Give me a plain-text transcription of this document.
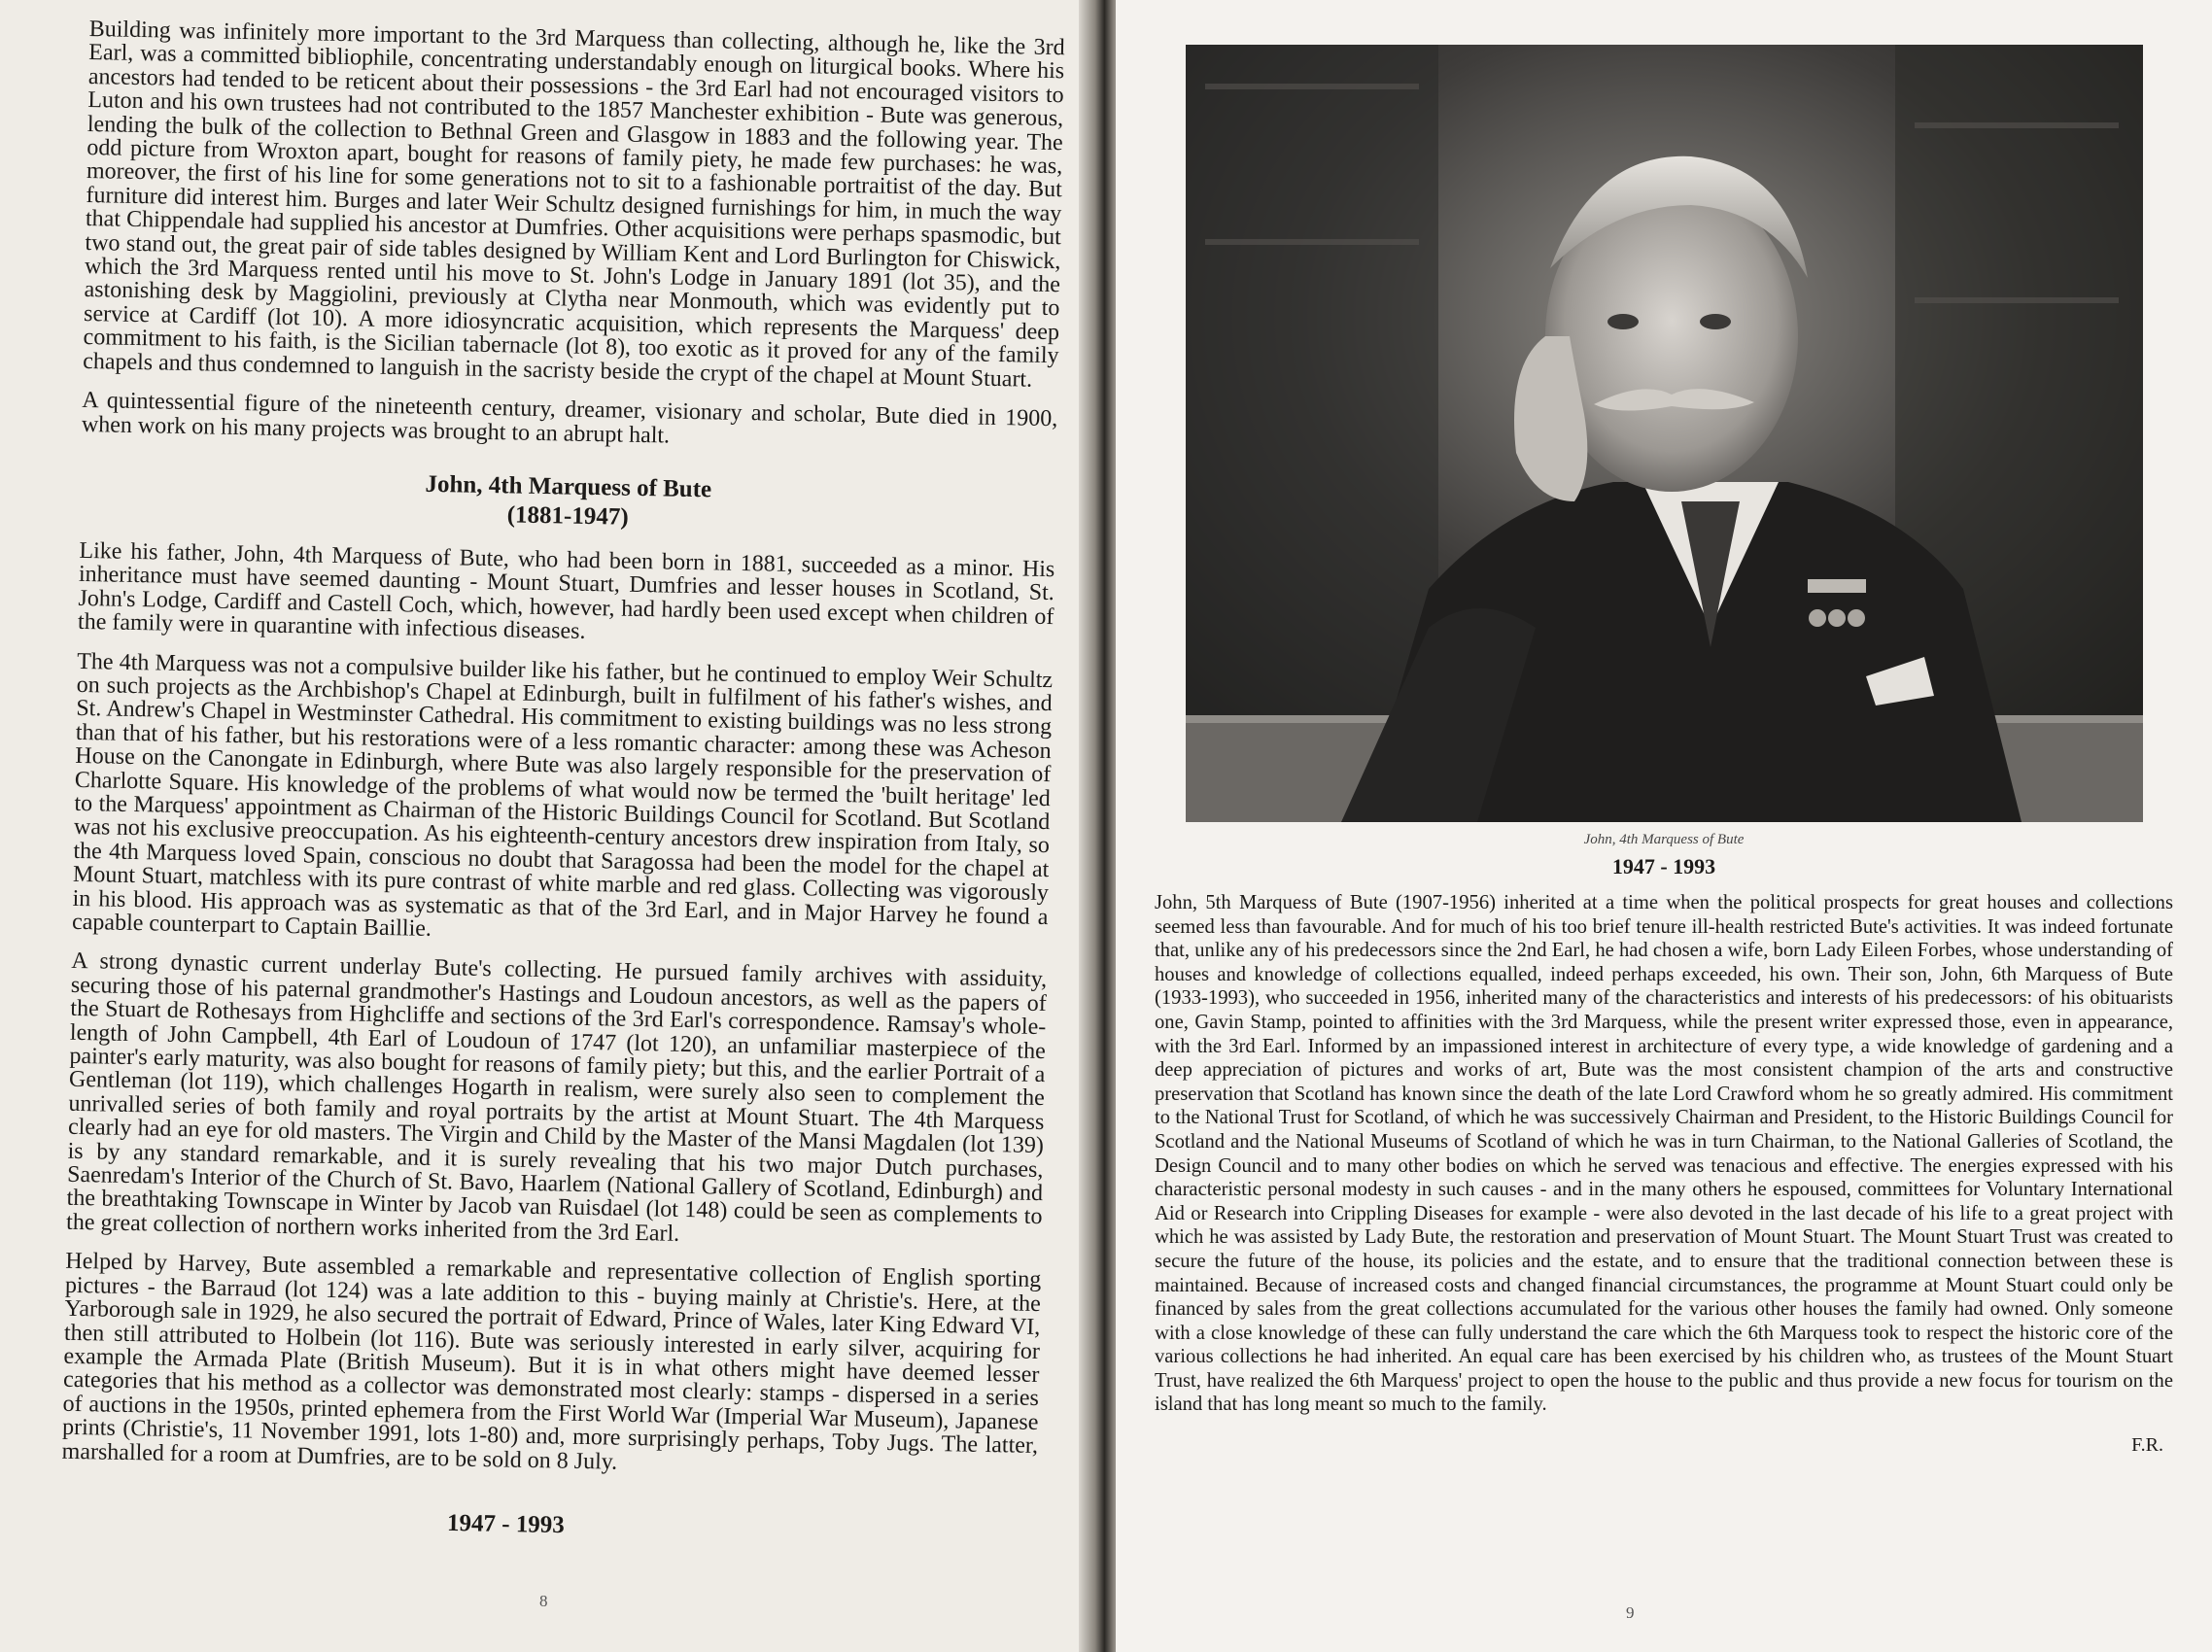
Building was infinitely more important to the 3rd Marquess than collecting, although he, like the 3rd Earl, was a committed bibliophile, concentrating understandably enough on liturgical books. Where his ancestors had tended to be reticent about their possessions - the 3rd Earl had not encouraged visitors to Luton and his own trustees had not contributed to the 1857 Manchester exhibition - Bute was generous, lending the bulk of the collection to Bethnal Green and Glasgow in 1883 and the following year. The odd picture from Wroxton apart, bought for reasons of family piety, he made few purchases: he was, moreover, the first of his line for some generations not to sit to a fashionable portraitist of the day. But furniture did interest him. Burges and later Weir Schultz designed furnishings for him, in much the way that Chippendale had supplied his ancestor at Dumfries. Other acquisitions were perhaps spasmodic, but two stand out, the great pair of side tables designed by William Kent and Lord Burlington for Chiswick, which the 3rd Marquess rented until his move to St. John's Lodge in January 1891 (lot 35), and the astonishing desk by Maggiolini, previously at Clytha near Monmouth, which was evidently put to service at Cardiff (lot 10). A more idiosyncratic acquisition, which represents the Marquess' deep commitment to his faith, is the Sicilian tabernacle (lot 8), too exotic as it proved for any of the family chapels and thus condemned to languish in the sacristy beside the crypt of the chapel at Mount Stuart.

A quintessential figure of the nineteenth century, dreamer, visionary and scholar, Bute died in 1900, when work on his many projects was brought to an abrupt halt.

John, 4th Marquess of Bute
(1881-1947)

Like his father, John, 4th Marquess of Bute, who had been born in 1881, succeeded as a minor. His inheritance must have seemed daunting - Mount Stuart, Dumfries and lesser houses in Scotland, St. John's Lodge, Cardiff and Castell Coch, which, however, had hardly been used except when children of the family were in quarantine with infectious diseases.

The 4th Marquess was not a compulsive builder like his father, but he continued to employ Weir Schultz on such projects as the Archbishop's Chapel at Edinburgh, built in fulfilment of his father's wishes, and St. Andrew's Chapel in Westminster Cathedral. His commitment to existing buildings was no less strong than that of his father, but his restorations were of a less romantic character: among these was Acheson House on the Canongate in Edinburgh, where Bute was also largely responsible for the preservation of Charlotte Square. His knowledge of the problems of what would now be termed the 'built heritage' led to the Marquess' appointment as Chairman of the Historic Buildings Council for Scotland. But Scotland was not his exclusive preoccupation. As his eighteenth-century ancestors drew inspiration from Italy, so the 4th Marquess loved Spain, conscious no doubt that Saragossa had been the model for the chapel at Mount Stuart, matchless with its pure contrast of white marble and red glass. Collecting was vigorously in his blood. His approach was as systematic as that of the 3rd Earl, and in Major Harvey he found a capable counterpart to Captain Baillie.

A strong dynastic current underlay Bute's collecting. He pursued family archives with assiduity, securing those of his paternal grandmother's Hastings and Loudoun ancestors, as well as the papers of the Stuart de Rothesays from Highcliffe and sections of the 3rd Earl's correspondence. Ramsay's whole-length of John Campbell, 4th Earl of Loudoun of 1747 (lot 120), an unfamiliar masterpiece of the painter's early maturity, was also bought for reasons of family piety; but this, and the earlier Portrait of a Gentleman (lot 119), which challenges Hogarth in realism, were surely also seen to complement the unrivalled series of both family and royal portraits by the artist at Mount Stuart. The 4th Marquess clearly had an eye for old masters. The Virgin and Child by the Master of the Mansi Magdalen (lot 139) is by any standard remarkable, and it is surely revealing that his two major Dutch purchases, Saenredam's Interior of the Church of St. Bavo, Haarlem (National Gallery of Scotland, Edinburgh) and the breathtaking Townscape in Winter by Jacob van Ruisdael (lot 148) could be seen as complements to the great collection of northern works inherited from the 3rd Earl.

Helped by Harvey, Bute assembled a remarkable and representative collection of English sporting pictures - the Barraud (lot 124) was a late addition to this - buying mainly at Christie's. Here, at the Yarborough sale in 1929, he also secured the portrait of Edward, Prince of Wales, later King Edward VI, then still attributed to Holbein (lot 116). Bute was seriously interested in early silver, acquiring for example the Armada Plate (British Museum). But it is in what others might have deemed lesser categories that his method as a collector was demonstrated most clearly: stamps - dispersed in a series of auctions in the 1950s, printed ephemera from the First World War (Imperial War Museum), Japanese prints (Christie's, 11 November 1991, lots 1-80) and, more surprisingly perhaps, Toby Jugs. The latter, marshalled for a room at Dumfries, are to be sold on 8 July.

1947 - 1993
8
John, 4th Marquess of Bute
1947 - 1993

John, 5th Marquess of Bute (1907-1956) inherited at a time when the political prospects for great houses and collections seemed less than favourable. And for much of his too brief tenure ill-health restricted Bute's activities. It was indeed fortunate that, unlike any of his predecessors since the 2nd Earl, he had chosen a wife, born Lady Eileen Forbes, whose understanding of houses and knowledge of collections equalled, indeed perhaps exceeded, his own. Their son, John, 6th Marquess of Bute (1933-1993), who succeeded in 1956, inherited many of the characteristics and interests of his predecessors: of his obituarists one, Gavin Stamp, pointed to affinities with the 3rd Marquess, while the present writer expressed those, even in appearance, with the 3rd Earl. Informed by an impassioned interest in architecture of every type, a wide knowledge of gardening and a deep appreciation of pictures and works of art, Bute was the most consistent champion of the arts and constructive preservation that Scotland has known since the death of the late Lord Crawford whom he so greatly admired. His commitment to the National Trust for Scotland, of which he was successively Chairman and President, to the Historic Buildings Council for Scotland and the National Museums of Scotland of which he was in turn Chairman, to the National Galleries of Scotland, the Design Council and to many other bodies on which he served was tenacious and effective. The energies expressed with his characteristic personal modesty in such causes - and in the many others he espoused, committees for Voluntary International Aid or Research into Crippling Diseases for example - were also devoted in the last decade of his life to a great project with which he was assisted by Lady Bute, the restoration and preservation of Mount Stuart. The Mount Stuart Trust was created to secure the future of the house, its policies and the estate, and to ensure that the traditional connection between these is maintained. Because of increased costs and changed financial circumstances, the programme at Mount Stuart could only be financed by sales from the great collections accumulated for the various other houses the family had owned. Only someone with a close knowledge of these can fully understand the care which the 6th Marquess took to respect the historic core of the various collections he had inherited. An equal care has been exercised by his children who, as trustees of the Mount Stuart Trust, have realized the 6th Marquess' project to open the house to the public and thus provide a new focus for tourism on the island that has long meant so much to the family.

F.R.
9
